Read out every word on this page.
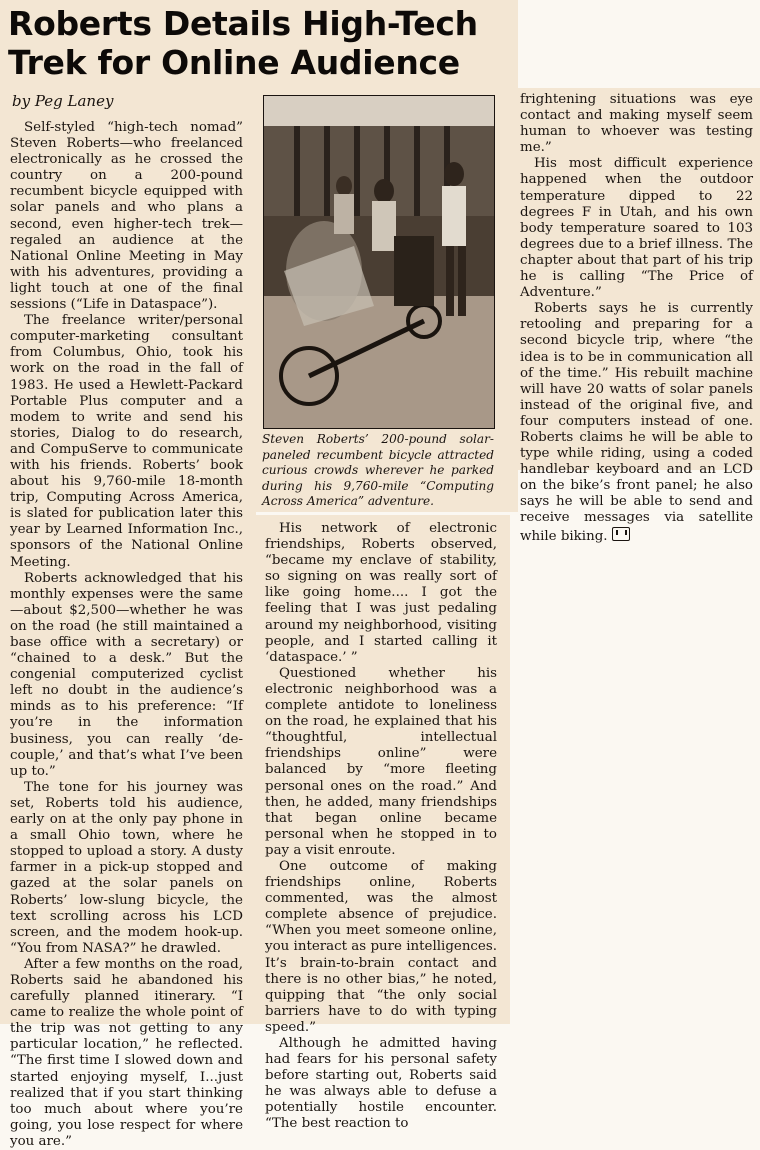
Roberts Details High-Tech
Trek for Online Audience
by Peg Laney

Self-styled “high-tech nomad” Steven Roberts—who freelanced electronically as he crossed the country on a 200-pound recumbent bicycle equipped with solar panels and who plans a second, even higher-tech trek—regaled an audience at the National Online Meeting in May with his adventures, providing a light touch at one of the final sessions (“Life in Dataspace”).

The freelance writer/personal computer-marketing consultant from Columbus, Ohio, took his work on the road in the fall of 1983. He used a Hewlett-Packard Portable Plus computer and a modem to write and send his stories, Dialog to do research, and CompuServe to communicate with his friends. Roberts’ book about his 9,760-mile 18-month trip, Computing Across America, is slated for publication later this year by Learned Information Inc., sponsors of the National Online Meeting.

Roberts acknowledged that his monthly expenses were the same—about $2,500—whether he was on the road (he still maintained a base office with a secretary) or “chained to a desk.” But the congenial computerized cyclist left no doubt in the audience’s minds as to his preference: “If you’re in the information business, you can really ‘de-couple,’ and that’s what I’ve been up to.”

The tone for his journey was set, Roberts told his audience, early on at the only pay phone in a small Ohio town, where he stopped to upload a story. A dusty farmer in a pick-up stopped and gazed at the solar panels on Roberts’ low-slung bicycle, the text scrolling across his LCD screen, and the modem hook-up. “You from NASA?” he drawled.

After a few months on the road, Roberts said he abandoned his carefully planned itinerary. “I came to realize the whole point of the trip was not getting to any particular location,” he reflected. “The first time I slowed down and started enjoying myself, I...just realized that if you start thinking too much about where you’re going, you lose respect for where you are.”

Steven Roberts’ 200-pound solar-paneled recumbent bicycle attracted curious crowds wherever he parked during his 9,760-mile “Computing Across America” adventure.

His network of electronic friendships, Roberts observed, “became my enclave of stability, so signing on was really sort of like going home.... I got the feeling that I was just pedaling around my neighborhood, visiting people, and I started calling it ‘dataspace.’ ”

Questioned whether his electronic neighborhood was a complete antidote to loneliness on the road, he explained that his “thoughtful, intellectual friendships online” were balanced by “more fleeting personal ones on the road.” And then, he added, many friendships that began online became personal when he stopped in to pay a visit enroute.

One outcome of making friendships online, Roberts commented, was the almost complete absence of prejudice. “When you meet someone online, you interact as pure intelligences. It’s brain-to-brain contact and there is no other bias,” he noted, quipping that “the only social barriers have to do with typing speed.”

Although he admitted having had fears for his personal safety before starting out, Roberts said he was always able to defuse a potentially hostile encounter. “The best reaction to

frightening situations was eye contact and making myself seem human to whoever was testing me.”

His most difficult experience happened when the outdoor temperature dipped to 22 degrees F in Utah, and his own body temperature soared to 103 degrees due to a brief illness. The chapter about that part of his trip he is calling “The Price of Adventure.”

Roberts says he is currently retooling and preparing for a second bicycle trip, where “the idea is to be in communication all of the time.” His rebuilt machine will have 20 watts of solar panels instead of the original five, and four computers instead of one. Roberts claims he will be able to type while riding, using a coded handlebar keyboard and an LCD on the bike’s front panel; he also says he will be able to send and receive messages via satellite while biking.
